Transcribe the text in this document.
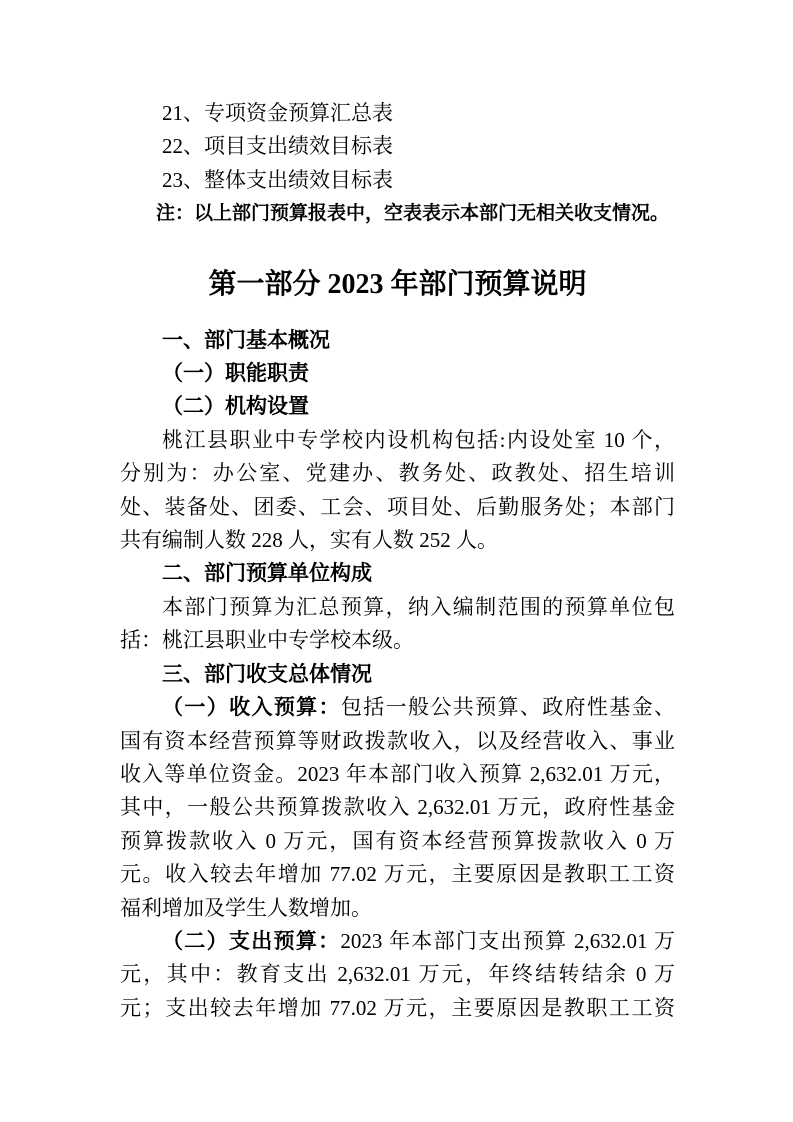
21、专项资金预算汇总表
22、项目支出绩效目标表
23、整体支出绩效目标表
注：以上部门预算报表中，空表表示本部门无相关收支情况。
第一部分 2023 年部门预算说明
一、部门基本概况
（一）职能职责
（二）机构设置
桃江县职业中专学校内设机构包括:内设处室 10 个，
分别为：办公室、党建办、教务处、政教处、招生培训
处、装备处、团委、工会、项目处、后勤服务处；本部门
共有编制人数 228 人，实有人数 252 人。
二、部门预算单位构成
本部门预算为汇总预算，纳入编制范围的预算单位包
括：桃江县职业中专学校本级。
三、部门收支总体情况
（一）收入预算：包括一般公共预算、政府性基金、
国有资本经营预算等财政拨款收入，以及经营收入、事业
收入等单位资金。2023 年本部门收入预算 2,632.01 万元，
其中，一般公共预算拨款收入 2,632.01 万元，政府性基金
预算拨款收入 0 万元，国有资本经营预算拨款收入 0 万
元。收入较去年增加 77.02 万元，主要原因是教职工工资
福利增加及学生人数增加。
（二）支出预算：2023 年本部门支出预算 2,632.01 万
元，其中：教育支出 2,632.01 万元，年终结转结余 0 万
元；支出较去年增加 77.02 万元，主要原因是教职工工资
